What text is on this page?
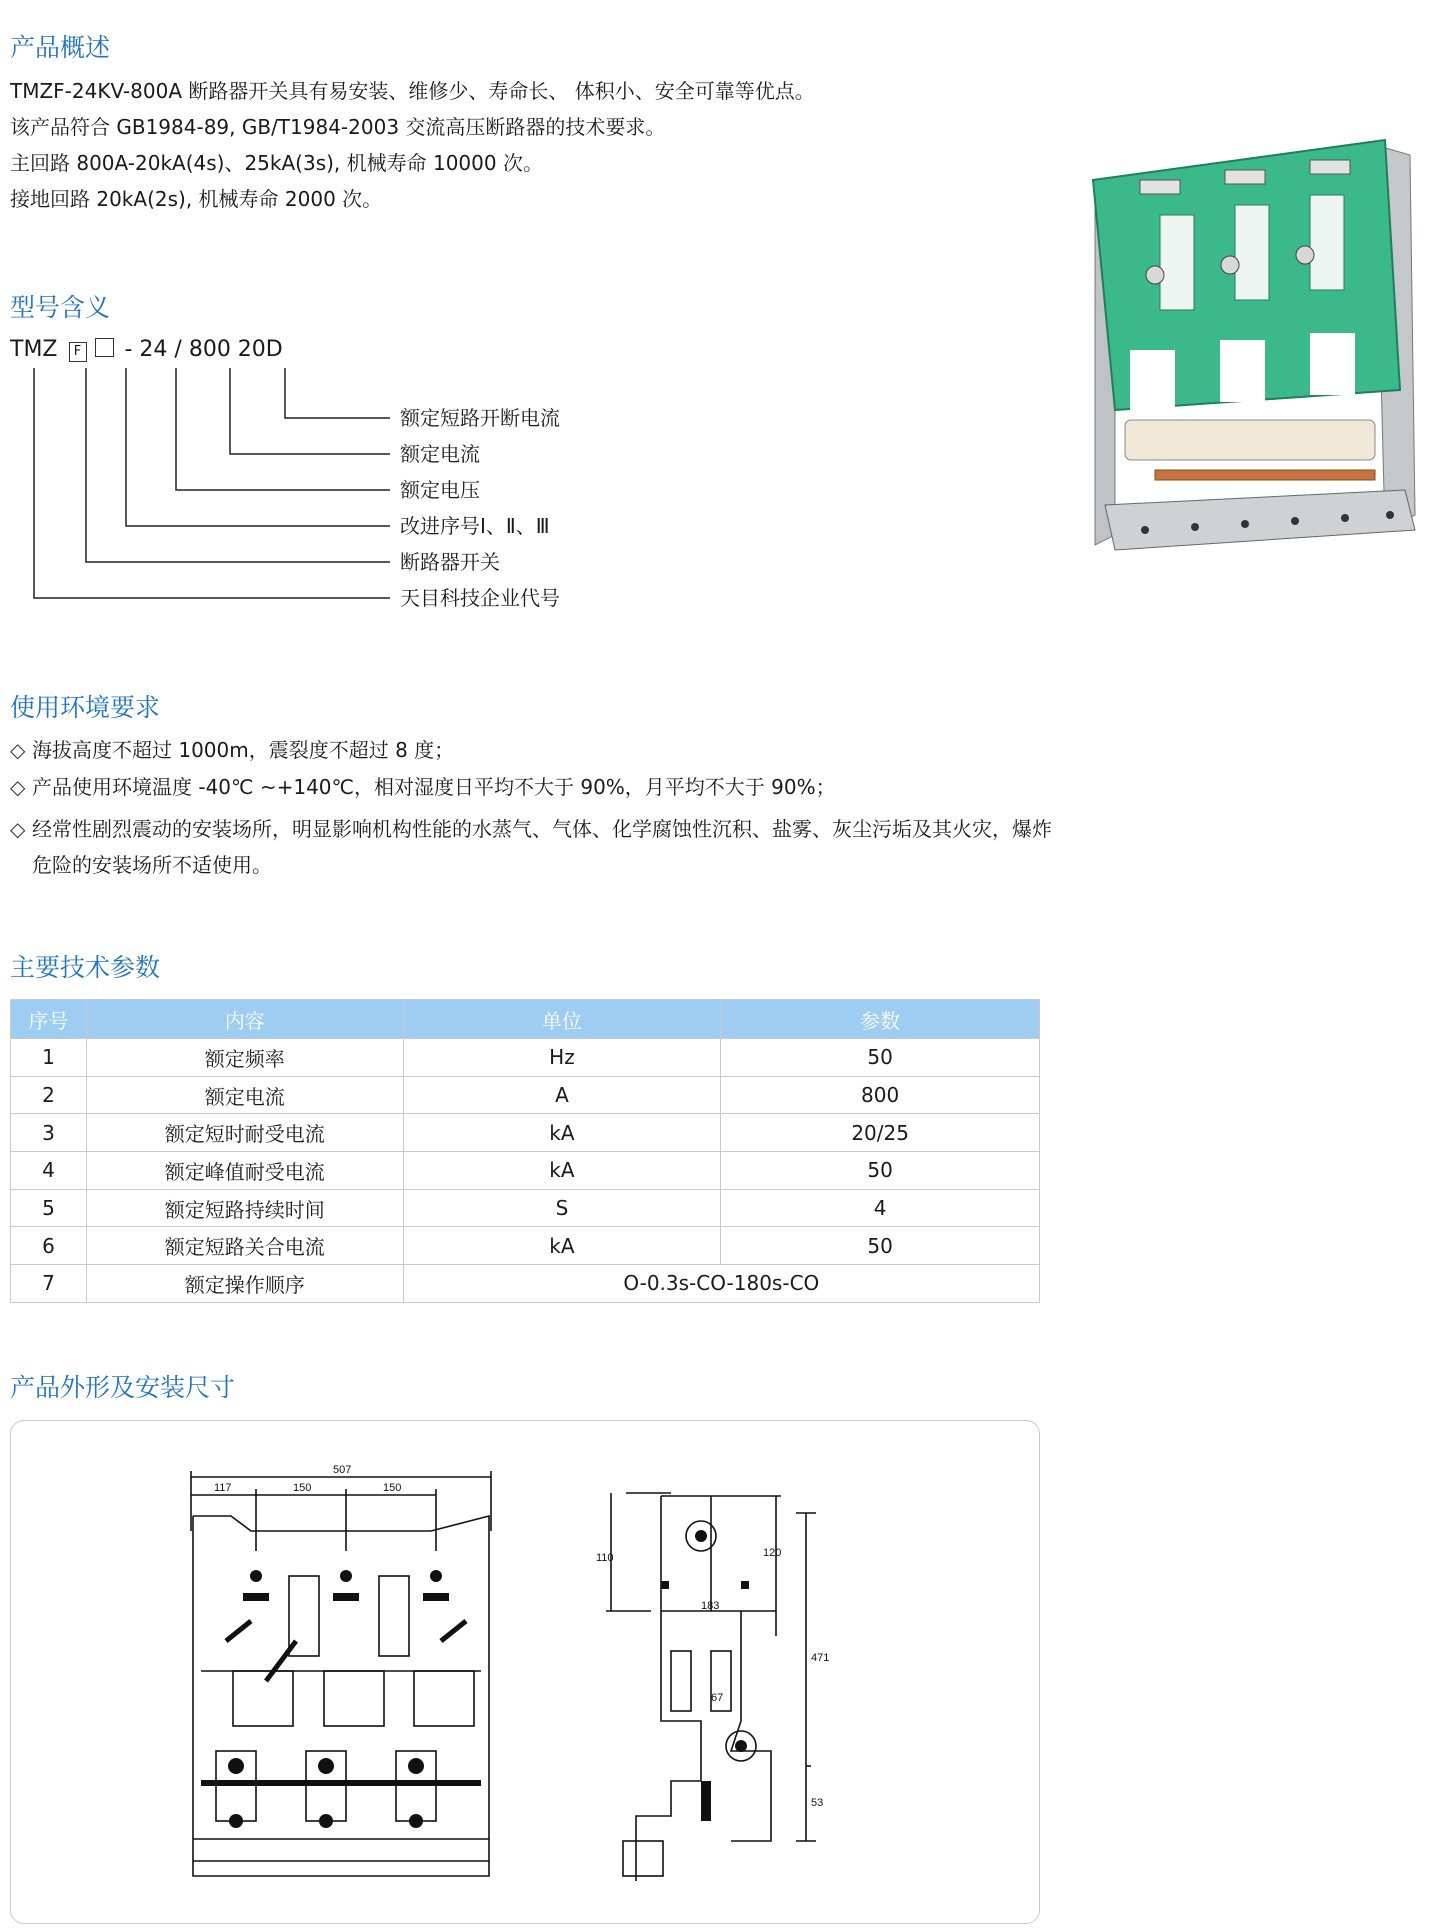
产品概述
TMZF-24KV-800A 断路器开关具有易安装、维修少、寿命长、 体积小、安全可靠等优点。
该产品符合 GB1984-89, GB/T1984-2003 交流高压断路器的技术要求。
主回路 800A-20kA(4s)、25kA(3s), 机械寿命 10000 次。
接地回路 20kA(2s), 机械寿命 2000 次。
型号含义
TMZ F - 24 / 800 20D
额定短路开断电流
额定电流
额定电压
改进序号Ⅰ、Ⅱ、Ⅲ
断路器开关
天目科技企业代号
使用环境要求
◇ 海拔高度不超过 1000m，震裂度不超过 8 度；
◇ 产品使用环境温度 -40℃ ~+140℃，相对湿度日平均不大于 90%，月平均不大于 90%；
◇ 经常性剧烈震动的安装场所，明显影响机构性能的水蒸气、气体、化学腐蚀性沉积、盐雾、灰尘污垢及其火灾，爆炸危险的安装场所不适使用。
主要技术参数
序号	内容	单位	参数
1	额定频率	Hz	50
2	额定电流	A	800
3	额定短时耐受电流	kA	20/25
4	额定峰值耐受电流	kA	50
5	额定短路持续时间	S	4
6	额定短路关合电流	kA	50
7	额定操作顺序	O-0.3s-CO-180s-CO	
产品外形及安装尺寸
507
117	150	150
110	120
183
471
53
67
